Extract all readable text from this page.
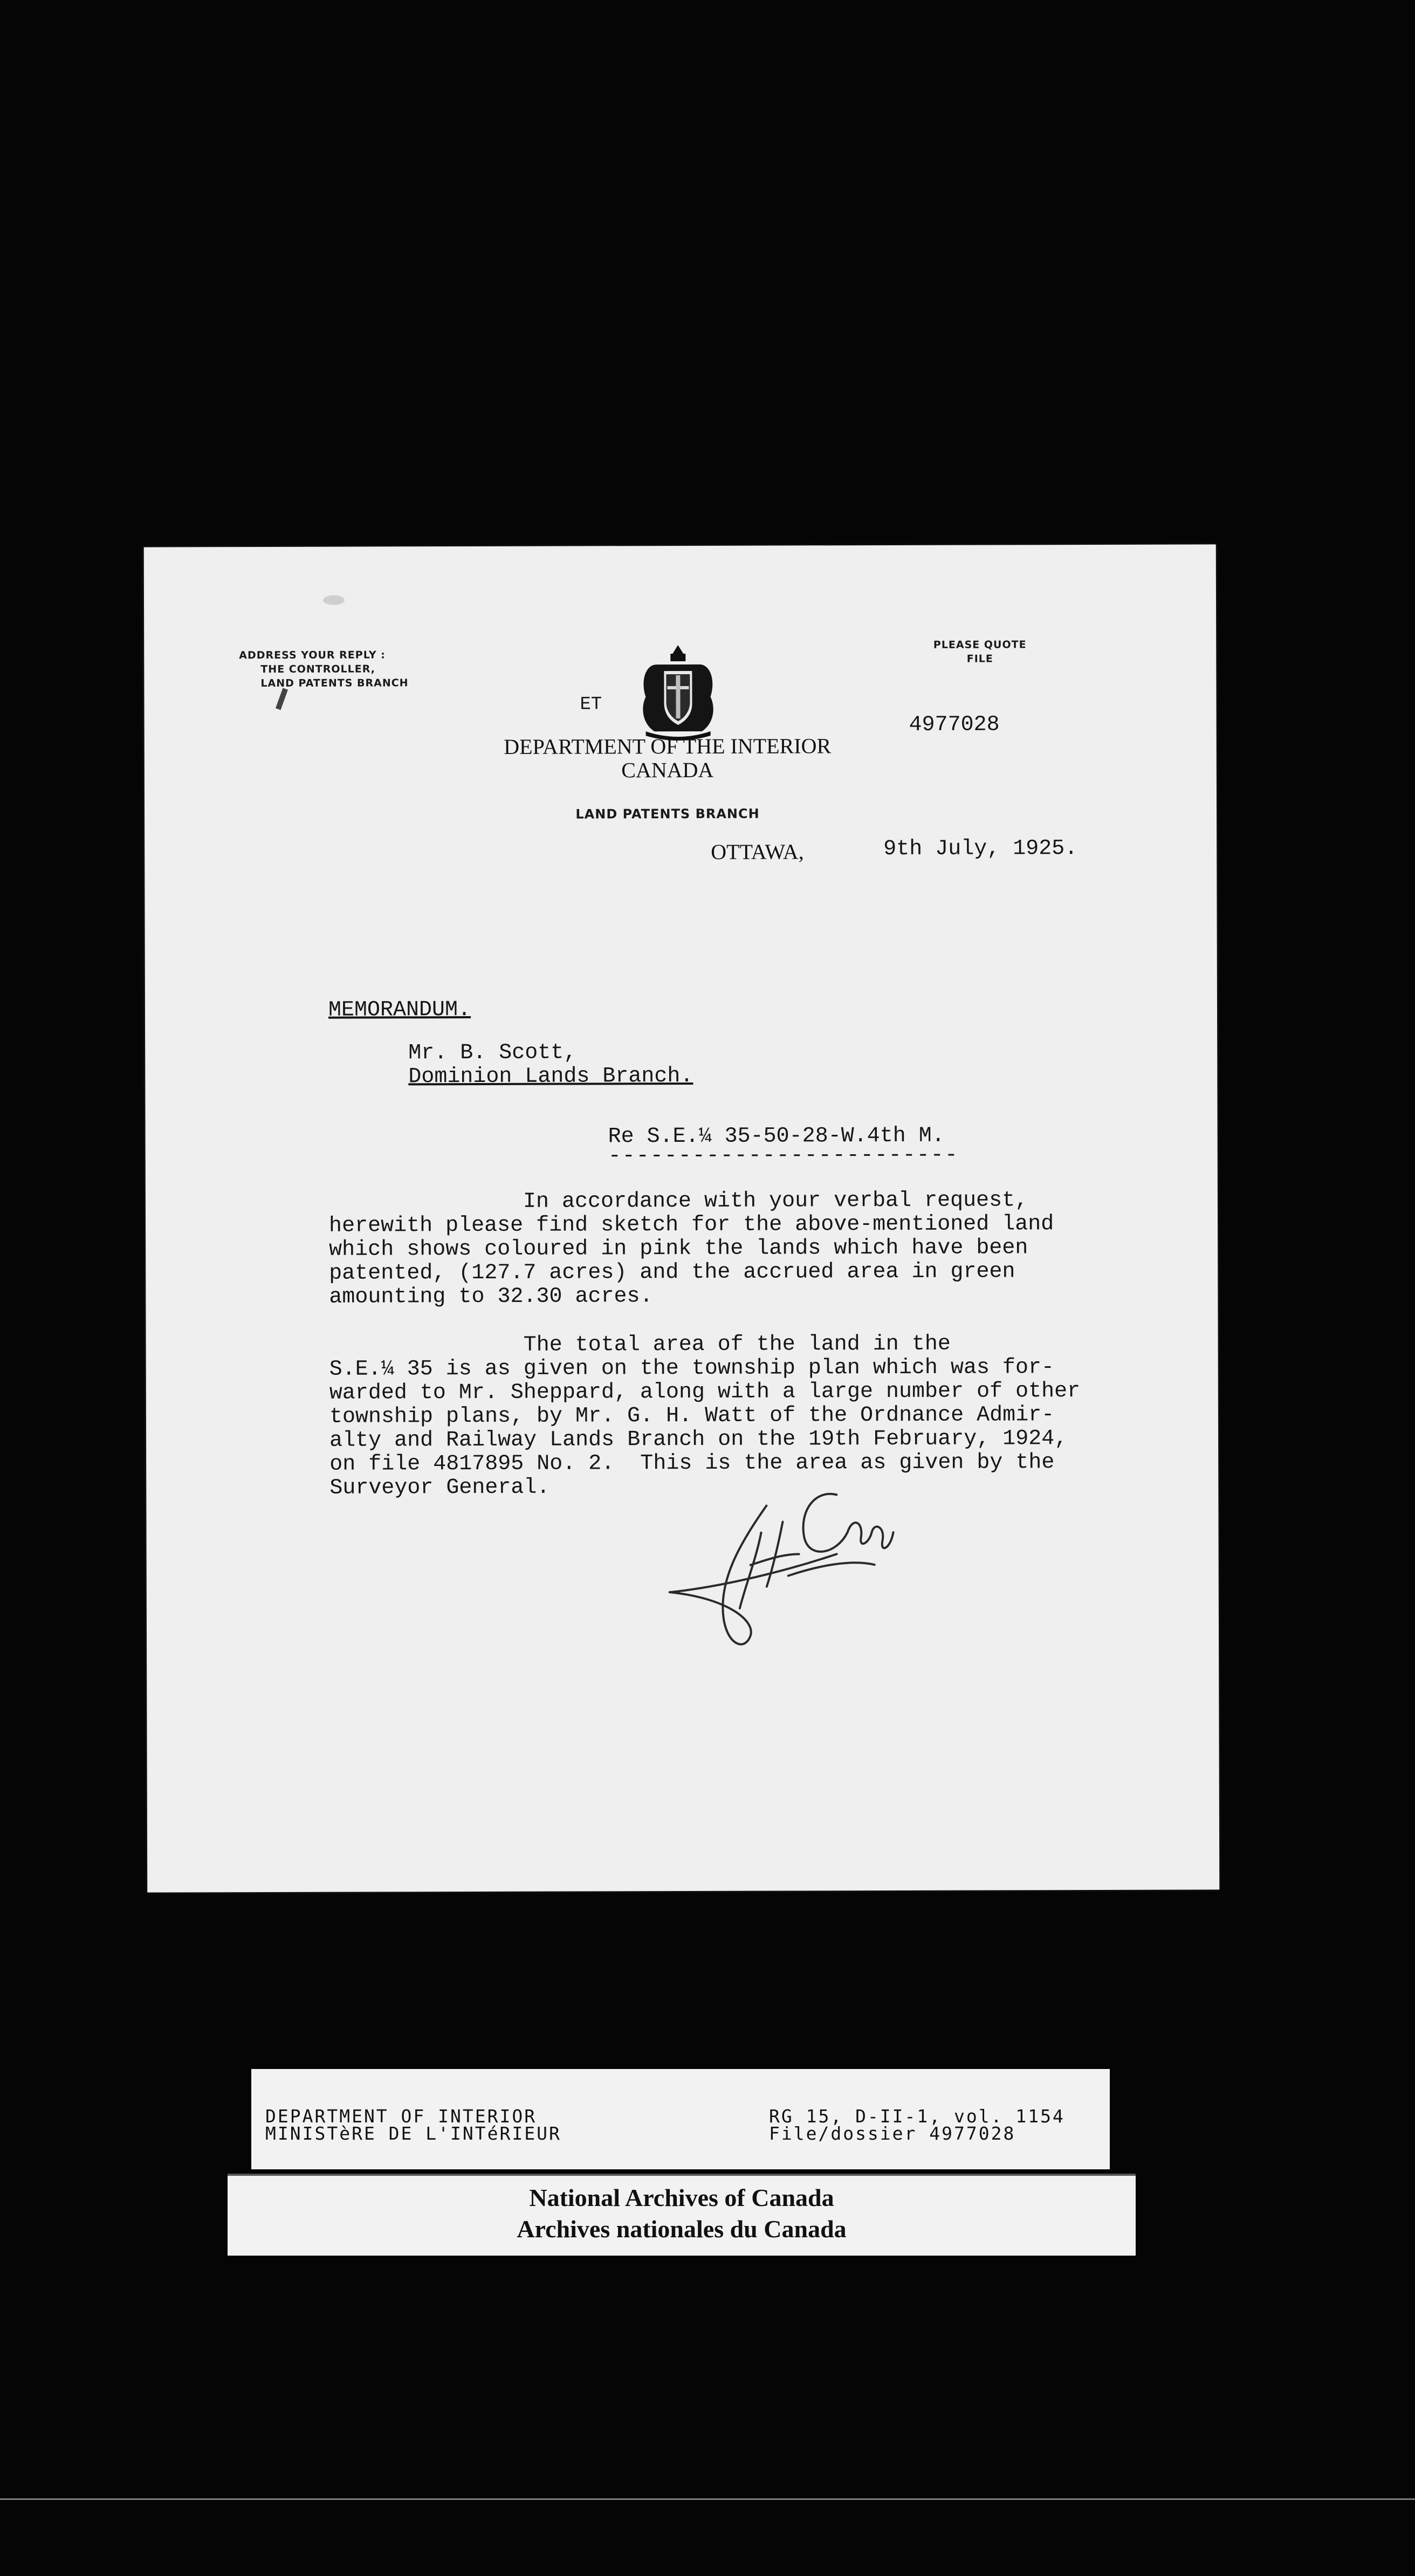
ADDRESS YOUR REPLY :
THE CONTROLLER,
LAND PATENTS BRANCH
PLEASE QUOTE
FILE
4977028
ET
DEPARTMENT OF THE INTERIOR
CANADA
LAND PATENTS BRANCH
OTTAWA,	9th July, 1925.
MEMORANDUM.
Mr. B. Scott,
Dominion Lands Branch.
Re S.E.¼ 35-50-28-W.4th M.
-------------------------
In accordance with your verbal request,
herewith please find sketch for the above-mentioned land
which shows coloured in pink the lands which have been
patented, (127.7 acres) and the accrued area in green
amounting to 32.30 acres.
The total area of the land in the
S.E.¼ 35 is as given on the township plan which was for-
warded to Mr. Sheppard, along with a large number of other
township plans, by Mr. G. H. Watt of the Ordnance Admir-
alty and Railway Lands Branch on the 19th February, 1924,
on file 4817895 No. 2.  This is the area as given by the
Surveyor General.
DEPARTMENT OF INTERIOR
MINISTèRE DE L'INTéRIEUR
RG 15, D-II-1, vol. 1154
File/dossier 4977028
National Archives of Canada
Archives nationales du Canada
